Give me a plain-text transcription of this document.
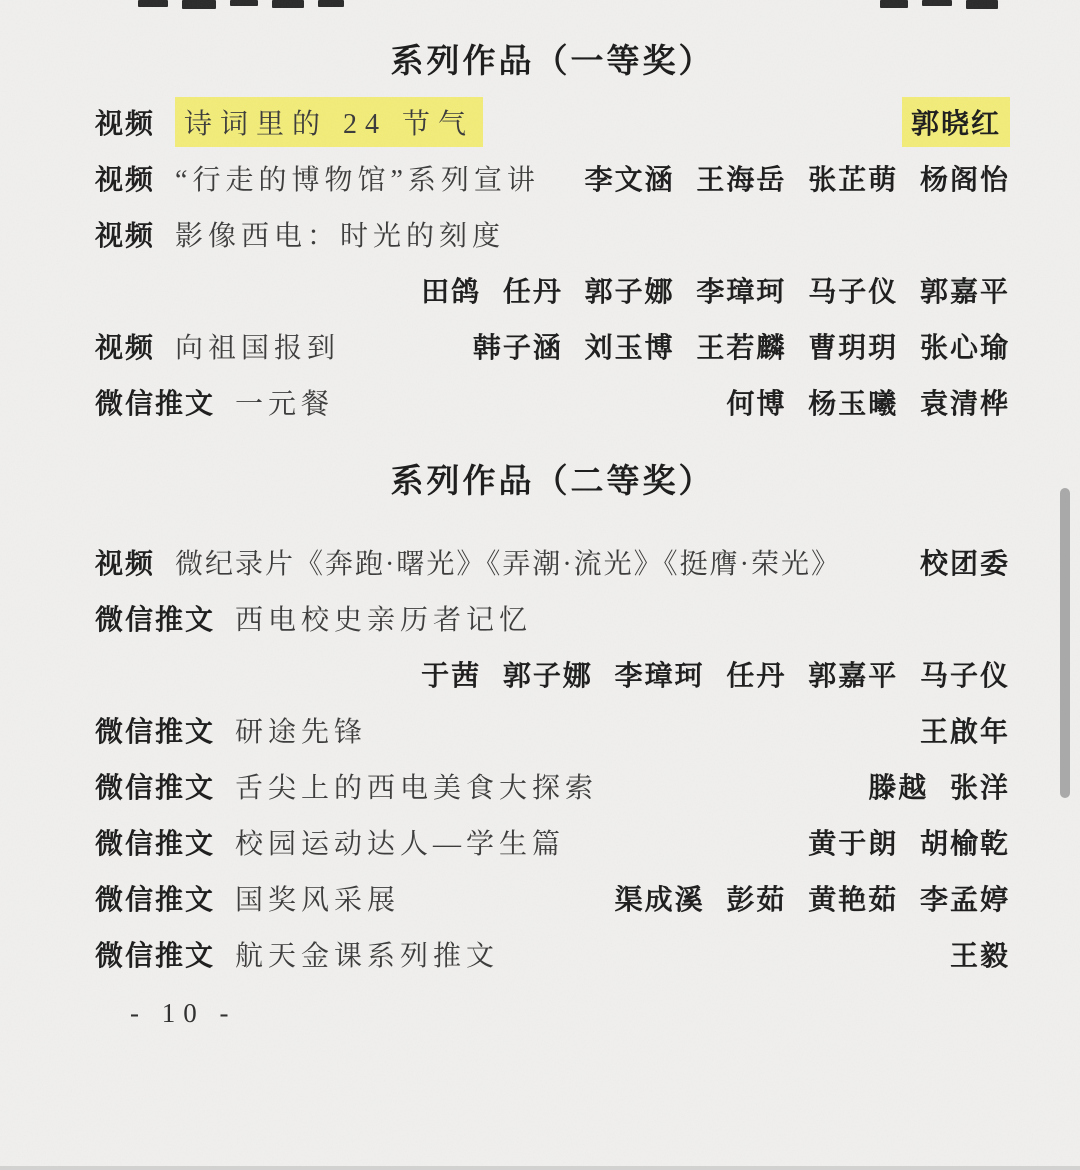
系列作品（一等奖）
视频	诗词里的 24 节气	郭晓红
视频 “行走的博物馆”系列宣讲 李文涵 王海岳 张芷萌 杨阁怡
视频 影像西电：时光的刻度
田鸽 任丹 郭子娜 李璋珂 马子仪 郭嘉平
视频 向祖国报到	韩子涵 刘玉博 王若麟 曹玥玥 张心瑜
微信推文 一元餐	何博 杨玉曦 袁清桦
系列作品（二等奖）
视频 微纪录片《奔跑·曙光》《弄潮·流光》《挺膺·荣光》	校团委
微信推文 西电校史亲历者记忆
于茜 郭子娜 李璋珂 任丹 郭嘉平 马子仪
微信推文 研途先锋	王啟年
微信推文 舌尖上的西电美食大探索	滕越 张洋
微信推文 校园运动达人—学生篇	黄于朗 胡榆乾
微信推文 国奖风采展	渠成溪 彭茹 黄艳茹 李孟婷
微信推文 航天金课系列推文	王毅
- 10 -
